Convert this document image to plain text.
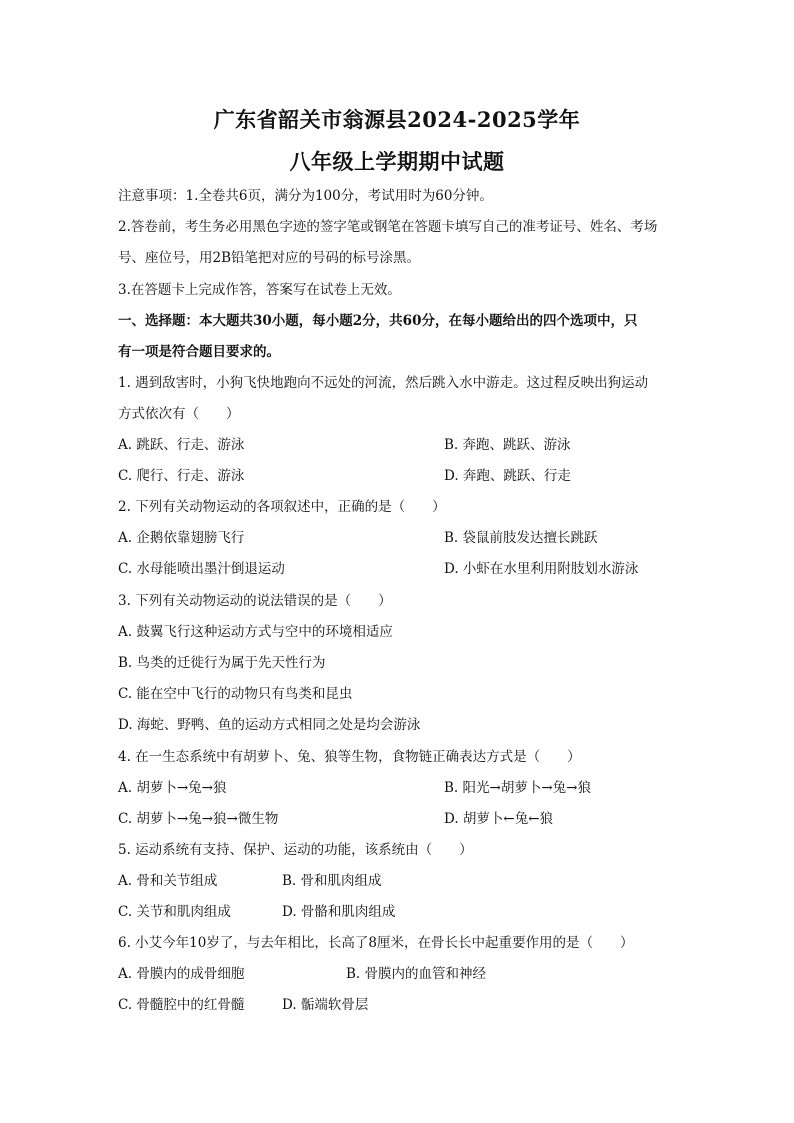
广东省韶关市翁源县2024-2025学年
八年级上学期期中试题
注意事项：1.全卷共6页，满分为100分，考试用时为60分钟。
2.答卷前，考生务必用黑色字迹的签字笔或钢笔在答题卡填写自己的准考证号、姓名、考场
号、座位号，用2B铅笔把对应的号码的标号涂黑。
3.在答题卡上完成作答，答案写在试卷上无效。
一、选择题：本大题共30小题，每小题2分，共60分，在每小题给出的四个选项中，只
有一项是符合题目要求的。
1. 遇到敌害时，小狗飞快地跑向不远处的河流，然后跳入水中游走。这过程反映出狗运动
方式依次有（　　）
A. 跳跃、行走、游泳	B. 奔跑、跳跃、游泳
C. 爬行、行走、游泳	D. 奔跑、跳跃、行走
2. 下列有关动物运动的各项叙述中，正确的是（　　）
A. 企鹅依靠翅膀飞行	B. 袋鼠前肢发达擅长跳跃
C. 水母能喷出墨汁倒退运动	D. 小虾在水里利用附肢划水游泳
3. 下列有关动物运动的说法错误的是（　　）
A. 鼓翼飞行这种运动方式与空中的环境相适应
B. 鸟类的迁徙行为属于先天性行为
C. 能在空中飞行的动物只有鸟类和昆虫
D. 海蛇、野鸭、鱼的运动方式相同之处是均会游泳
4. 在一生态系统中有胡萝卜、兔、狼等生物，食物链正确表达方式是（　　）
A. 胡萝卜→兔→狼	B. 阳光→胡萝卜→兔→狼
C. 胡萝卜→兔→狼→微生物	D. 胡萝卜←兔←狼
5. 运动系统有支持、保护、运动的功能，该系统由（　　）
A. 骨和关节组成	B. 骨和肌肉组成
C. 关节和肌肉组成	D. 骨骼和肌肉组成
6. 小艾今年10岁了，与去年相比，长高了8厘米，在骨长长中起重要作用的是（　　）
A. 骨膜内的成骨细胞	B. 骨膜内的血管和神经
C. 骨髓腔中的红骨髓	D. 骺端软骨层
